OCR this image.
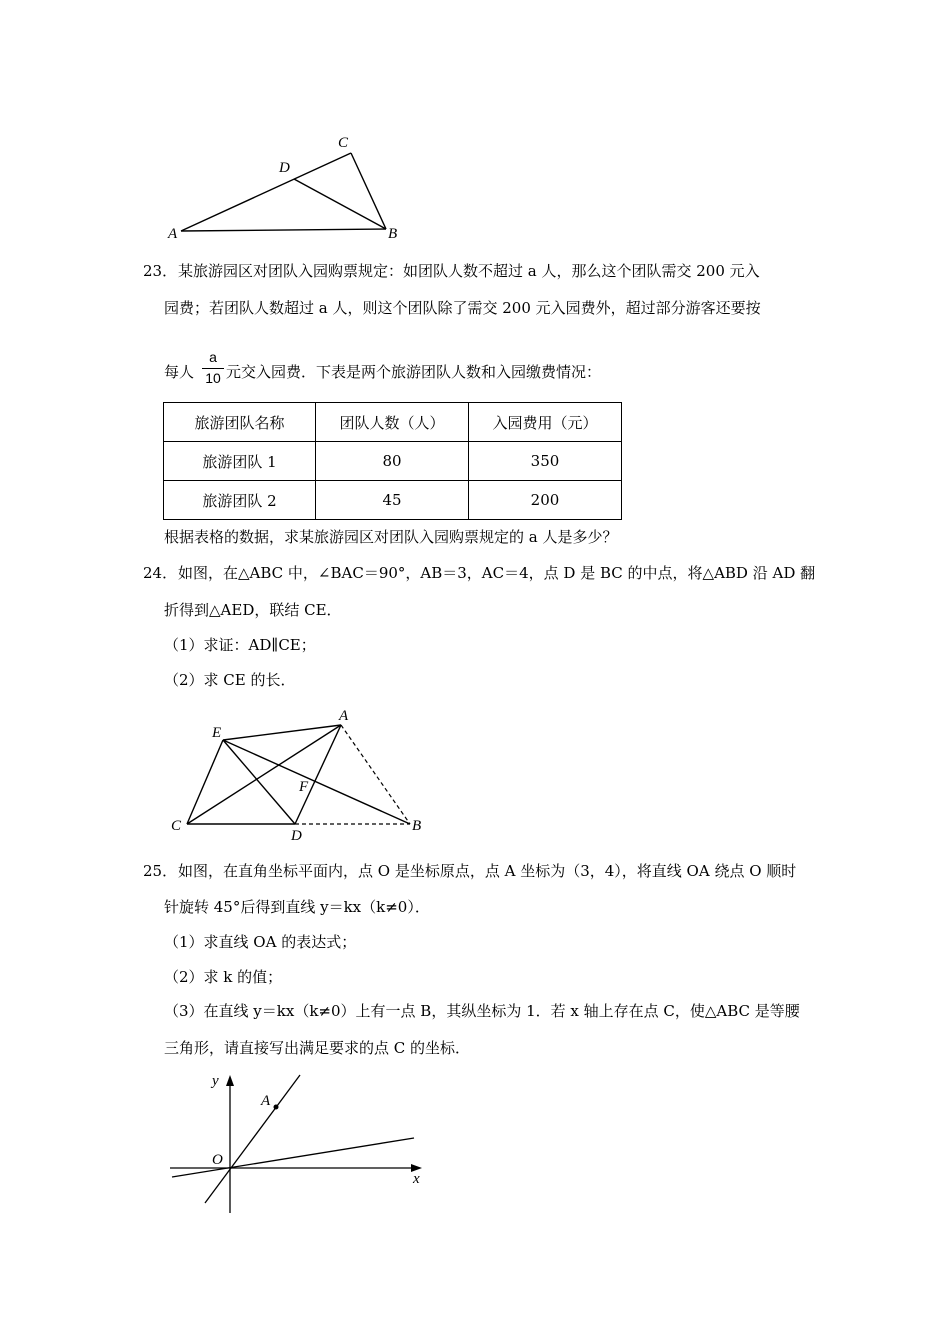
A	B
C
D
23． 某旅游园区对团队入园购票规定：如团队人数不超过 a 人，那么这个团队需交 200 元入
园费；若团队人数超过 a 人，则这个团队除了需交 200 元入园费外，超过部分游客还要按
每人
a
10 元交入园费．下表是两个旅游团队人数和入园缴费情况：
旅游团队名称	团队人数（人）	入园费用（元）
旅游团队 1	80	350
旅游团队 2	45	200
根据表格的数据，求某旅游园区对团队入园购票规定的 a 人是多少？
24． 如图，在△ABC 中，∠BAC＝90°，AB＝3，AC＝4，点 D 是 BC 的中点，将△ABD 沿 AD 翻
折得到△AED，联结 CE．
（1）求证：AD∥CE；
（2）求 CE 的长．
E
A
F
C
D
B
25． 如图，在直角坐标平面内，点 O 是坐标原点，点 A 坐标为（3，4），将直线 OA 绕点 O 顺时
针旋转 45°后得到直线 y＝kx（k≠0）．
（1）求直线 OA 的表达式；
（2）求 k 的值；
（3）在直线 y＝kx（k≠0）上有一点 B，其纵坐标为 1．若 x 轴上存在点 C，使△ABC 是等腰
三角形，请直接写出满足要求的点 C 的坐标．
y
A
O
x
